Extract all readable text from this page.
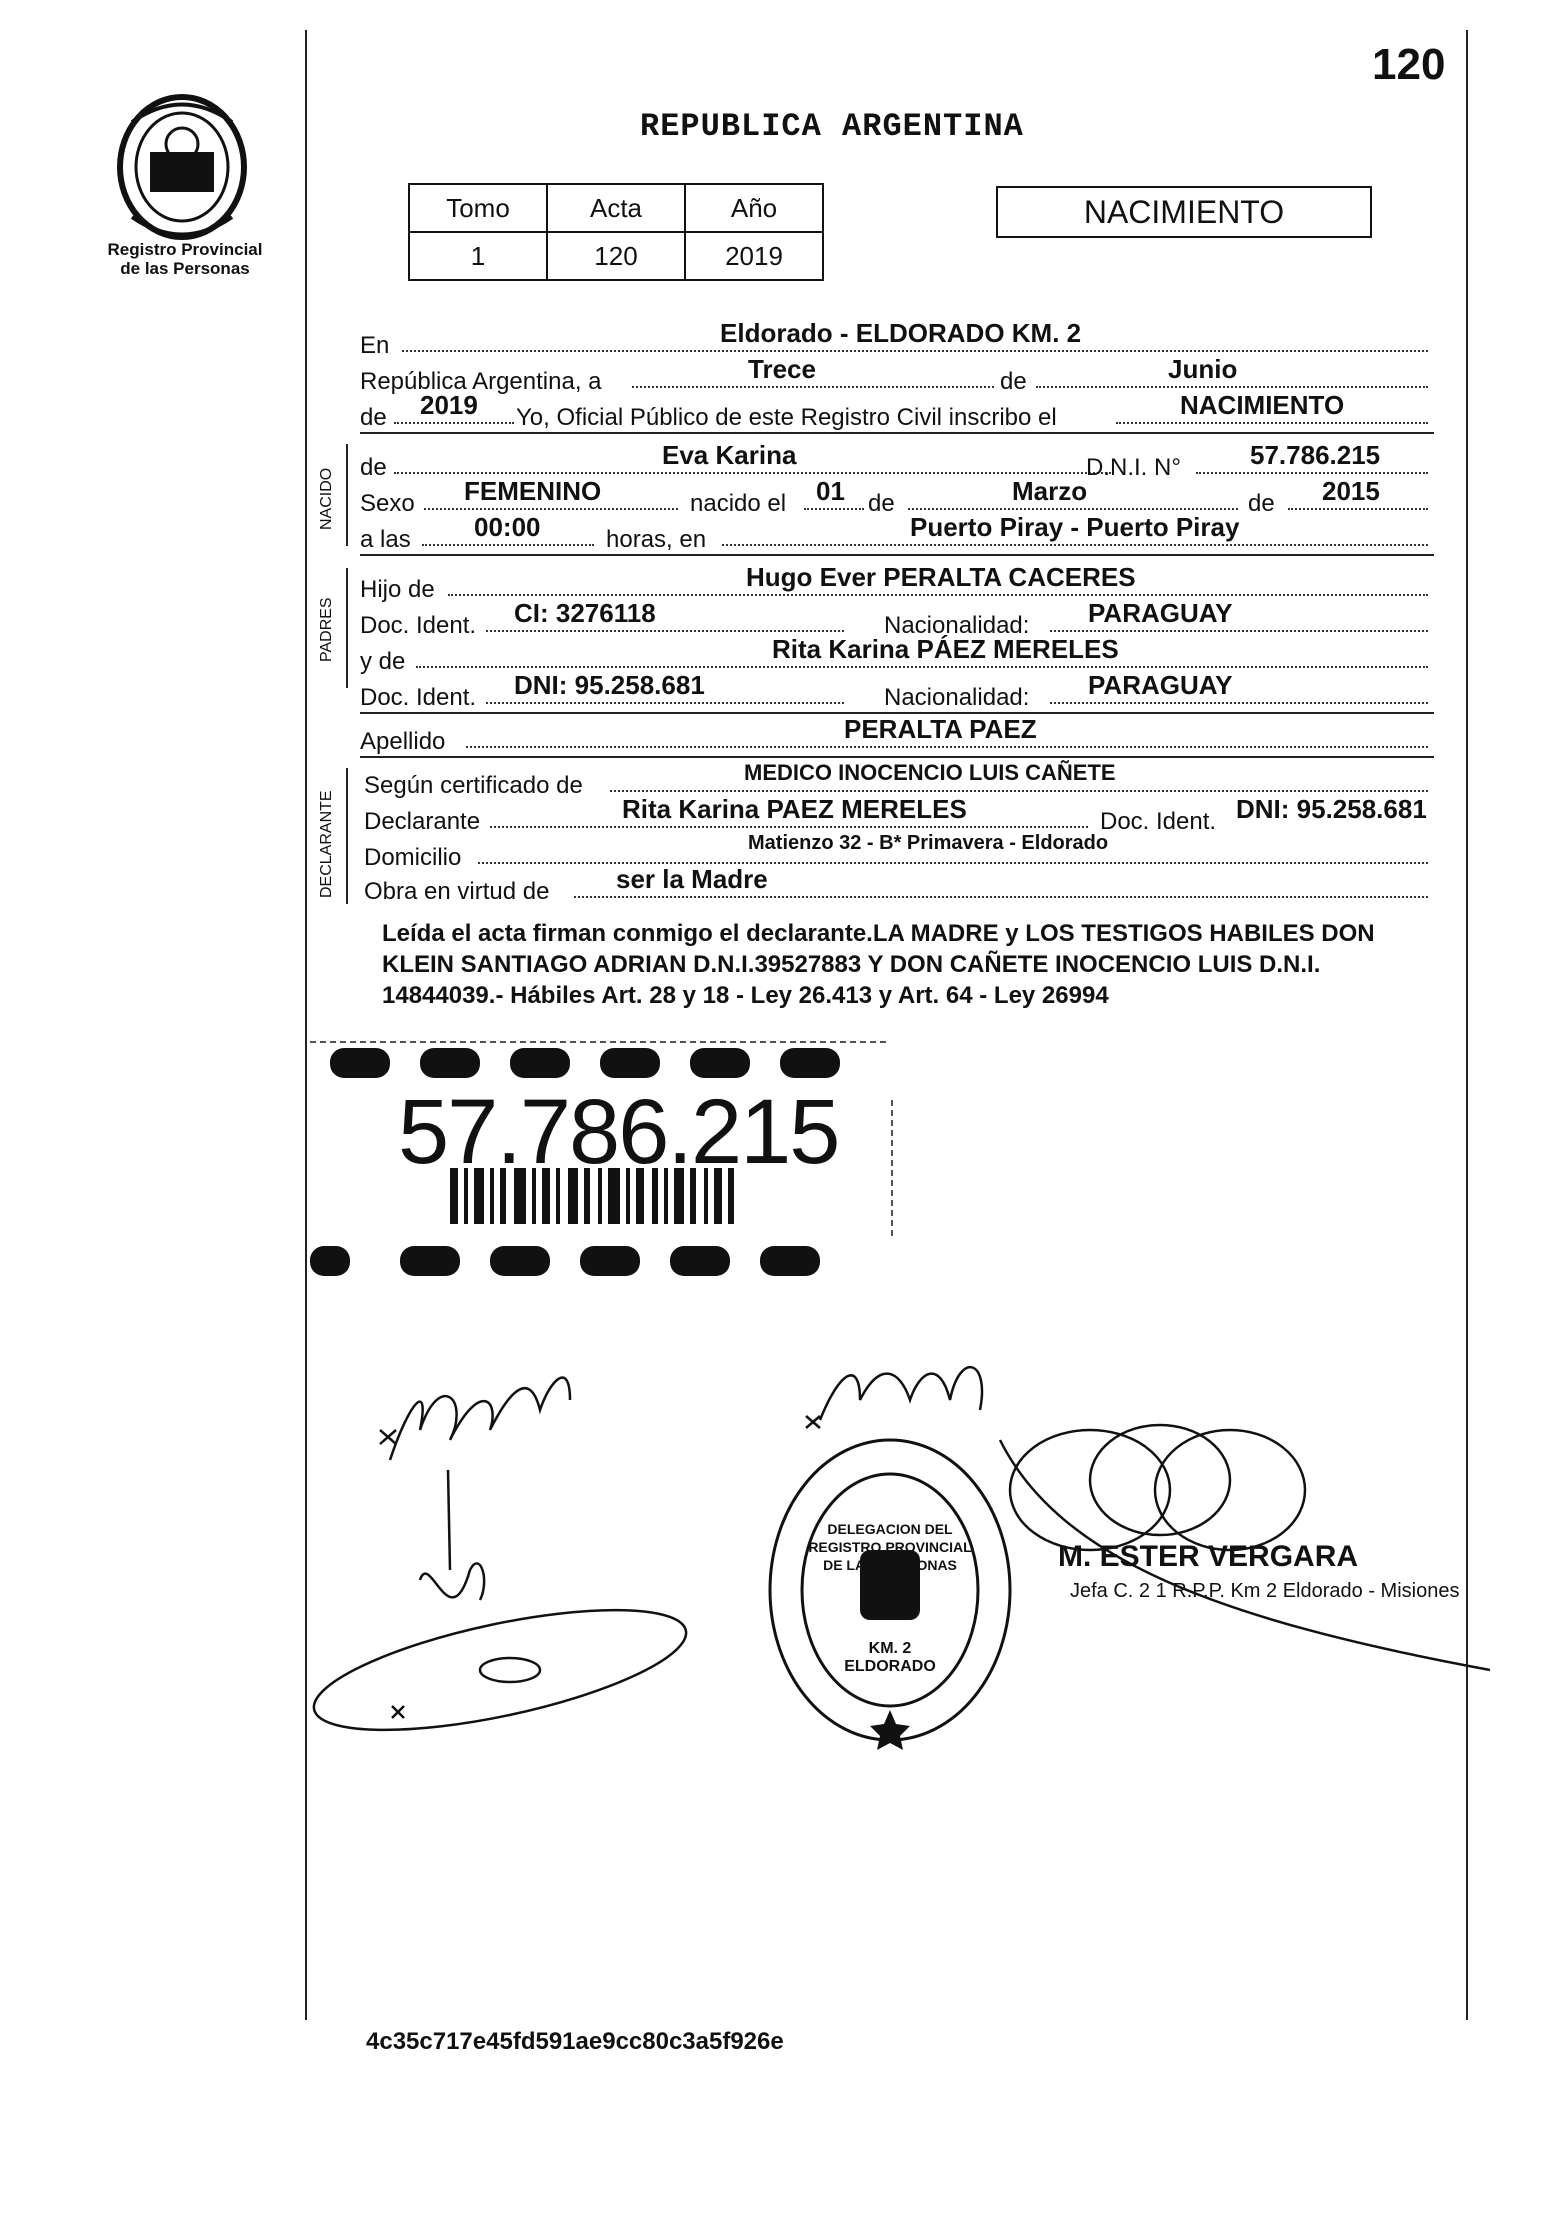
120
Registro Provincial de las Personas
REPUBLICA ARGENTINA
Tomo	Acta	Año
1	120	2019
NACIMIENTO
En	Eldorado - ELDORADO KM. 2
República Argentina, a	Trece	de	Junio
de 2019 Yo, Oficial Público de este Registro Civil inscribo el	NACIMIENTO
NACIDO
de	Eva Karina	D.N.I. N°	57.786.215
Sexo FEMENINO	nacido el 01 de	Marzo	de 2015
a las 00:00	horas, en	Puerto Piray - Puerto Piray
PADRES
Hijo de	Hugo Ever PERALTA CACERES
Doc. Ident. CI: 3276118	Nacionalidad: PARAGUAY
y de	Rita Karina PÁEZ MERELES
Doc. Ident. DNI: 95.258.681	Nacionalidad: PARAGUAY
Apellido	PERALTA PAEZ
DECLARANTE
Según certificado de	MEDICO INOCENCIO LUIS CAÑETE
Declarante	Rita Karina PAEZ MERELES	Doc. Ident. DNI: 95.258.681
Domicilio
Matienzo 32 - B* Primavera - Eldorado
Obra en virtud de	ser la Madre
Leída el acta firman conmigo el declarante.LA MADRE y LOS TESTIGOS HABILES DON KLEIN SANTIAGO ADRIAN D.N.I.39527883 Y DON CAÑETE INOCENCIO LUIS D.N.I. 14844039.- Hábiles Art. 28 y 18 - Ley 26.413 y Art. 64 - Ley 26994
57.786.215
M. ESTER VERGARA
Jefa C. 2 1 R.P.P. Km 2 Eldorado - Misiones
DELEGACION DEL REGISTRO PROVINCIAL DE LAS PERSONAS
KM. 2 ELDORADO
4c35c717e45fd591ae9cc80c3a5f926e
